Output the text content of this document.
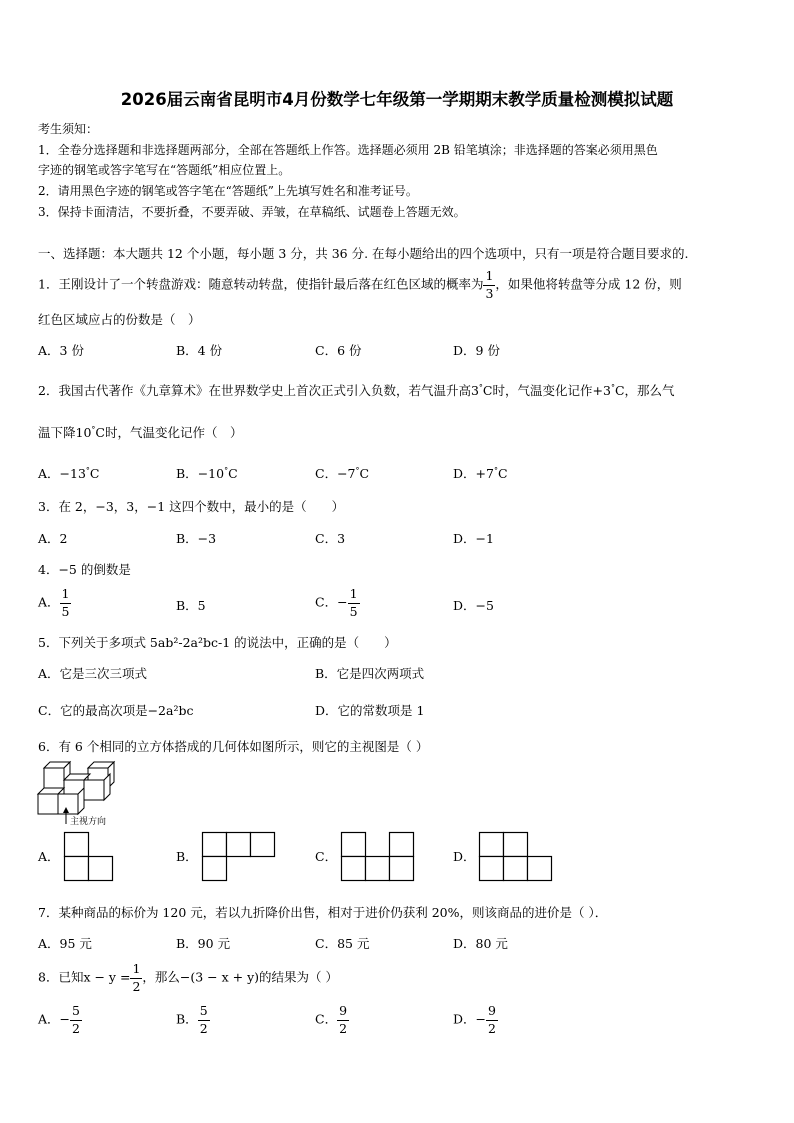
2026届云南省昆明市4月份数学七年级第一学期期末教学质量检测模拟试题
考生须知：
1．全卷分选择题和非选择题两部分，全部在答题纸上作答。选择题必须用 2B 铅笔填涂；非选择题的答案必须用黑色
字迹的钢笔或答字笔写在“答题纸”相应位置上。
2．请用黑色字迹的钢笔或答字笔在“答题纸”上先填写姓名和准考证号。
3．保持卡面清洁，不要折叠，不要弄破、弄皱，在草稿纸、试题卷上答题无效。
一、选择题：本大题共 12 个小题，每小题 3 分，共 36 分. 在每小题给出的四个选项中，只有一项是符合题目要求的.
1．王刚设计了一个转盘游戏：随意转动转盘，使指针最后落在红色区域的概率为 $\frac{1}{3}$ ，如果他将转盘等分成 12 份，则
红色区域应占的份数是（　）
A．3 份	B．4 份	C．6 份	D．9 份
2．我国古代著作《九章算术》在世界数学史上首次正式引入负数，若气温升高3°C时，气温变化记作+3°C，那么气
温下降10°C时，气温变化记作（　）
A．−13°C	B．−10°C	C．−7°C	D．+7°C
3．在 2，−3，3，−1 这四个数中，最小的是（　　）
A．2	B．−3	C．3	D．−1
4．−5 的倒数是
A． $\frac{1}{5}$	B．5	C．− $\frac{1}{5}$	D．−5
5．下列关于多项式 5ab²-2a²bc-1 的说法中，正确的是（　　）
A．它是三次三项式	B．它是四次两项式
C．它的最高次项是−2a²bc	D．它的常数项是 1
6．有 6 个相同的立方体搭成的几何体如图所示，则它的主视图是（ ）
主视方向
A．	B．	C．	D．
7．某种商品的标价为 120 元，若以九折降价出售，相对于进价仍获利 20%，则该商品的进价是（ ）．
A．95 元	B．90 元	C．85 元	D．80 元
8．已知$x - y = \frac{1}{2}$ ，那么−(3 − x + y)的结果为（ ）
A．− $\frac{5}{2}$	B． $\frac{5}{2}$	C． $\frac{9}{2}$	D．− $\frac{9}{2}$
